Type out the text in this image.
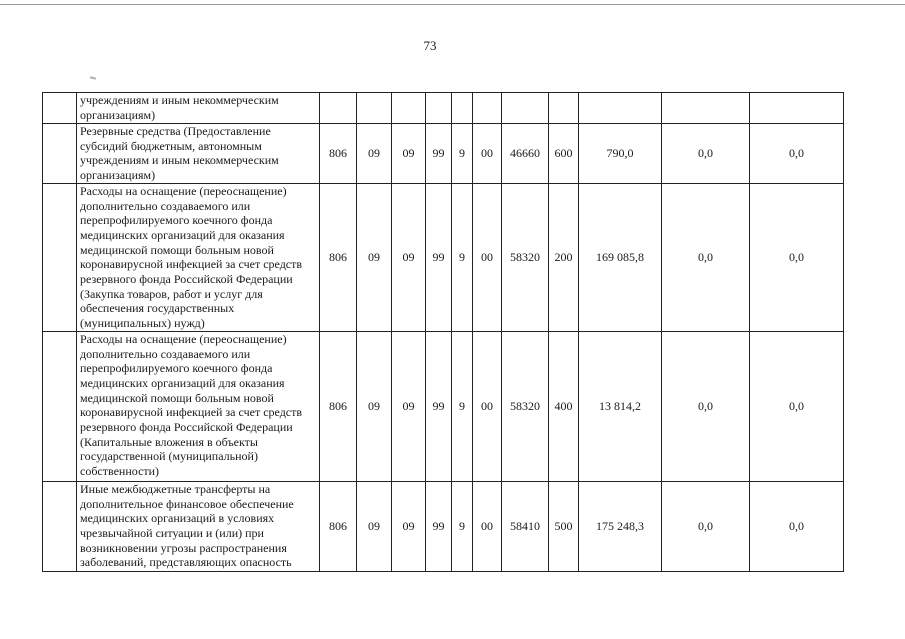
73
	учреждениям и иным некоммерческим организациям)											
	Резервные средства (Предоставление субсидий бюджетным, автономным учреждениям и иным некоммерческим организациям)	806	09	09	99	9	00	46660	600	790,0	0,0	0,0
	Расходы на оснащение (переоснащение) дополнительно создаваемого или перепрофилируемого коечного фонда медицинских организаций для оказания медицинской помощи больным новой коронавирусной инфекцией за счет средств резервного фонда Российской Федерации (Закупка товаров, работ и услуг для обеспечения государственных (муниципальных) нужд)	806	09	09	99	9	00	58320	200	169 085,8	0,0	0,0
	Расходы на оснащение (переоснащение) дополнительно создаваемого или перепрофилируемого коечного фонда медицинских организаций для оказания медицинской помощи больным новой коронавирусной инфекцией за счет средств резервного фонда Российской Федерации (Капитальные вложения в объекты государственной (муниципальной) собственности)	806	09	09	99	9	00	58320	400	13 814,2	0,0	0,0
	Иные межбюджетные трансферты на дополнительное финансовое обеспечение медицинских организаций в условиях чрезвычайной ситуации и (или) при возникновении угрозы распространения заболеваний, представляющих опасность	806	09	09	99	9	00	58410	500	175 248,3	0,0	0,0
